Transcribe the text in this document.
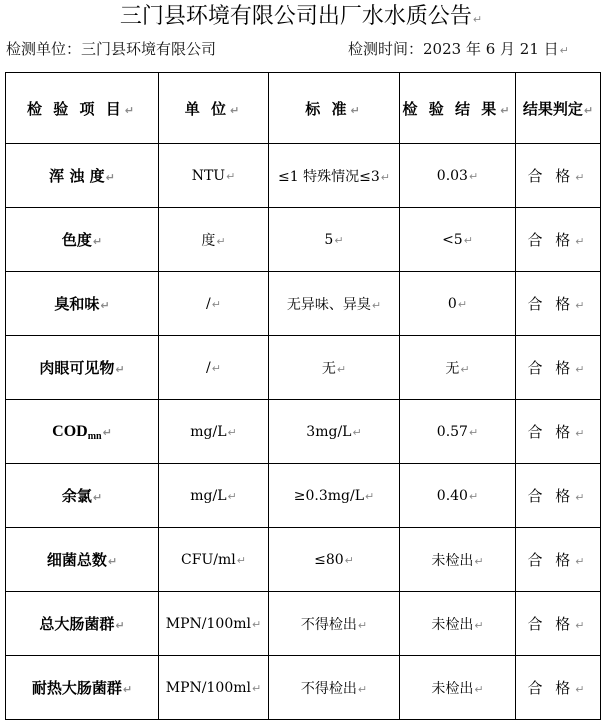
三门县环境有限公司出厂水水质公告↵
检测单位：三门县环境有限公司	检测时间：2023 年 6 月 21 日↵
检 验 项 目↵	单 位↵	标 准↵	检 验 结 果↵	结果判定↵
浑 浊 度↵	NTU↵	≤1 特殊情况≤3↵	0.03↵	合 格↵
色度↵	度↵	5↵	<5↵	合 格↵
臭和味↵	/↵	无异味、异臭↵	0↵	合 格↵
肉眼可见物↵	/↵	无↵	无↵	合 格↵
$COD_{mn}↵$	mg/L↵	3mg/L↵	0.57↵	合 格↵
余氯↵	mg/L↵	≥0.3mg/L↵	0.40↵	合 格↵
细菌总数↵	CFU/ml↵	≤80↵	未检出↵	合 格↵
总大肠菌群↵	MPN/100ml↵	不得检出↵	未检出↵	合 格↵
耐热大肠菌群↵	MPN/100ml↵	不得检出↵	未检出↵	合 格↵
